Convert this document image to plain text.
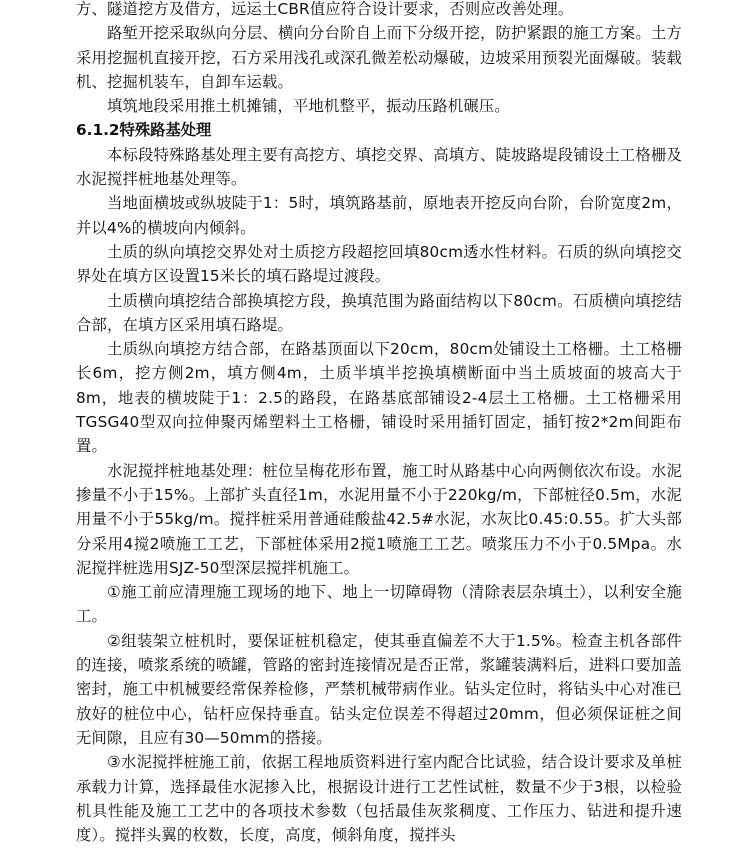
方、隧道挖方及借方，远运土CBR值应符合设计要求，否则应改善处理。

路堑开挖采取纵向分层、横向分台阶自上而下分级开挖，防护紧跟的施工方案。土方采用挖掘机直接开挖，石方采用浅孔或深孔微差松动爆破，边坡采用预裂光面爆破。装载机、挖掘机装车，自卸车运载。

填筑地段采用推土机摊铺，平地机整平，振动压路机碾压。

6.1.2特殊路基处理

本标段特殊路基处理主要有高挖方、填挖交界、高填方、陡坡路堤段铺设土工格栅及水泥搅拌桩地基处理等。

当地面横坡或纵坡陡于1：5时，填筑路基前，原地表开挖反向台阶，台阶宽度2m，并以4%的横坡向内倾斜。

土质的纵向填挖交界处对土质挖方段超挖回填80cm透水性材料。石质的纵向填挖交界处在填方区设置15米长的填石路堤过渡段。

土质横向填挖结合部换填挖方段，换填范围为路面结构以下80cm。石质横向填挖结合部，在填方区采用填石路堤。

土质纵向填挖方结合部，在路基顶面以下20cm，80cm处铺设土工格栅。土工格栅长6m，挖方侧2m，填方侧4m，土质半填半挖换填横断面中当土质坡面的坡高大于8m，地表的横坡陡于1：2.5的路段，在路基底部铺设2-4层土工格栅。土工格栅采用TGSG40型双向拉伸聚丙烯塑料土工格栅，铺设时采用插钉固定，插钉按2*2m间距布置。

水泥搅拌桩地基处理：桩位呈梅花形布置，施工时从路基中心向两侧依次布设。水泥掺量不小于15%。上部扩头直径1m，水泥用量不小于220kg/m，下部桩径0.5m，水泥用量不小于55kg/m。搅拌桩采用普通硅酸盐42.5#水泥，水灰比0.45:0.55。扩大头部分采用4搅2喷施工工艺，下部桩体采用2搅1喷施工工艺。喷浆压力不小于0.5Mpa。水泥搅拌桩选用SJZ-50型深层搅拌机施工。

①施工前应清理施工现场的地下、地上一切障碍物（清除表层杂填土），以利安全施工。

②组装架立桩机时，要保证桩机稳定，使其垂直偏差不大于1.5%。检查主机各部件的连接，喷浆系统的喷罐，管路的密封连接情况是否正常，浆罐装满料后，进料口要加盖密封，施工中机械要经常保养检修，严禁机械带病作业。钻头定位时，将钻头中心对准已放好的桩位中心，钻杆应保持垂直。钻头定位误差不得超过20mm，但必须保证桩之间无间隙，且应有30—50mm的搭接。

③水泥搅拌桩施工前，依据工程地质资料进行室内配合比试验，结合设计要求及单桩承载力计算，选择最佳水泥掺入比，根据设计进行工艺性试桩，数量不少于3根，以检验机具性能及施工工艺中的各项技术参数（包括最佳灰浆稠度、工作压力、钻进和提升速度）。搅拌头翼的枚数，长度，高度，倾斜角度，搅拌头
